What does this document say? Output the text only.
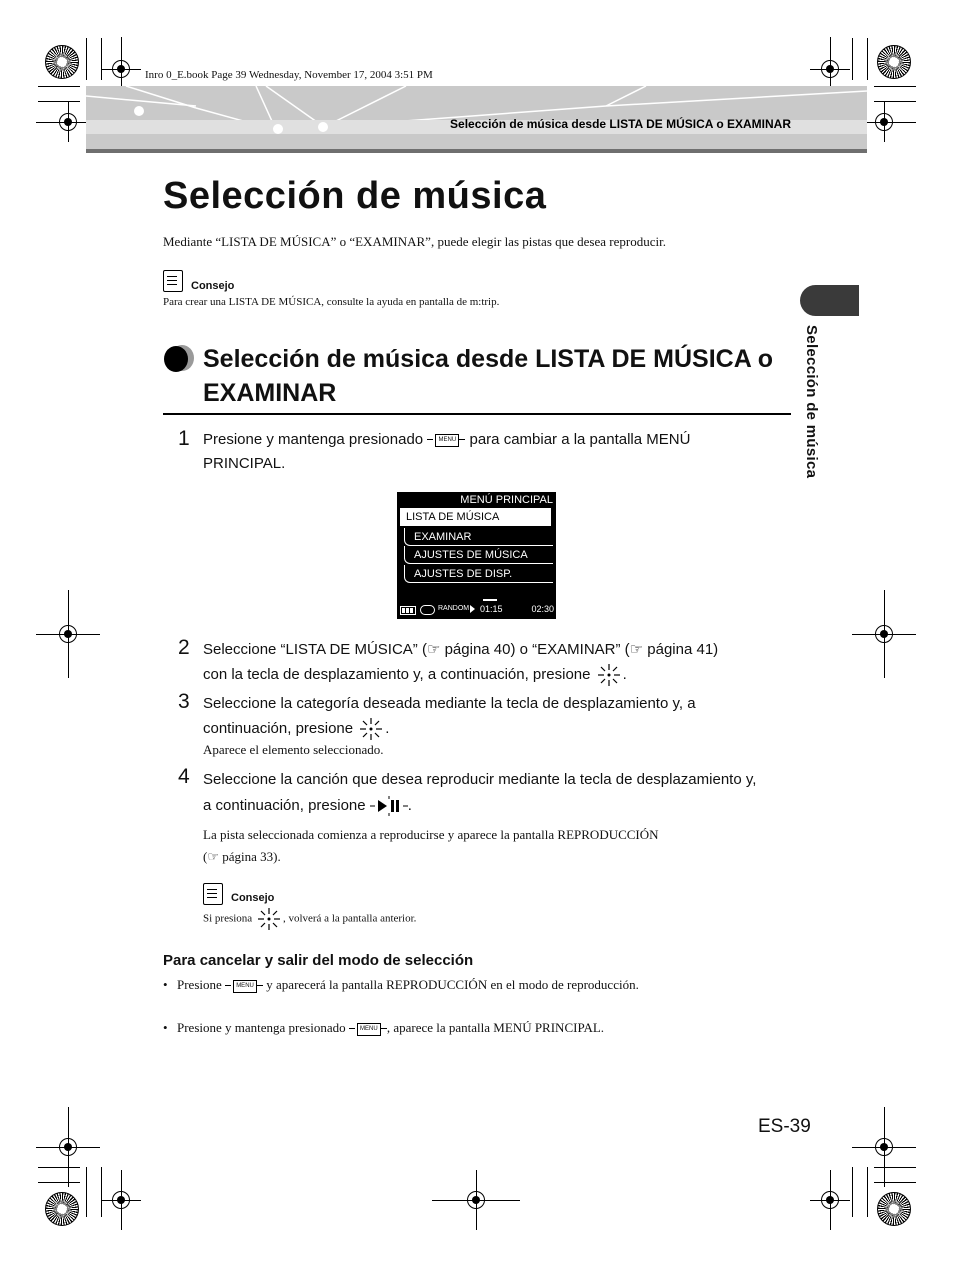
Inro 0_E.book Page 39 Wednesday, November 17, 2004 3:51 PM
Selección de música desde LISTA DE MÚSICA o EXAMINAR
Selección de música
Selección de música
Mediante “LISTA DE MÚSICA” o “EXAMINAR”, puede elegir las pistas que desea reproducir.
Consejo
Para crear una LISTA DE MÚSICA, consulte la ayuda en pantalla de m:trip.
Selección de música desde LISTA DE MÚSICA o
EXAMINAR
1 Presione y mantenga presionado	MENU para cambiar a la pantalla MENÚ
PRINCIPAL.
MENÚ PRINCIPAL
LISTA DE MÚSICA
EXAMINAR
AJUSTES DE MÚSICA
AJUSTES DE DISP.
RANDOM 01:15	02:30
2 Seleccione “LISTA DE MÚSICA” (☞ página 40) o “EXAMINAR” (☞ página 41)
con la tecla de desplazamiento y, a continuación, presione .
3 Seleccione la categoría deseada mediante la tecla de desplazamiento y, a
continuación, presione .
Aparece el elemento seleccionado.
4 Seleccione la canción que desea reproducir mediante la tecla de desplazamiento y,
a continuación, presione	.
La pista seleccionada comienza a reproducirse y aparece la pantalla REPRODUCCIÓN
(☞ página 33).
Consejo
Si presiona	, volverá a la pantalla anterior.
Para cancelar y salir del modo de selección
• Presione	MENU y aparecerá la pantalla REPRODUCCIÓN en el modo de reproducción.
• Presione y mantenga presionado	MENU , aparece la pantalla MENÚ PRINCIPAL.
ES-39
